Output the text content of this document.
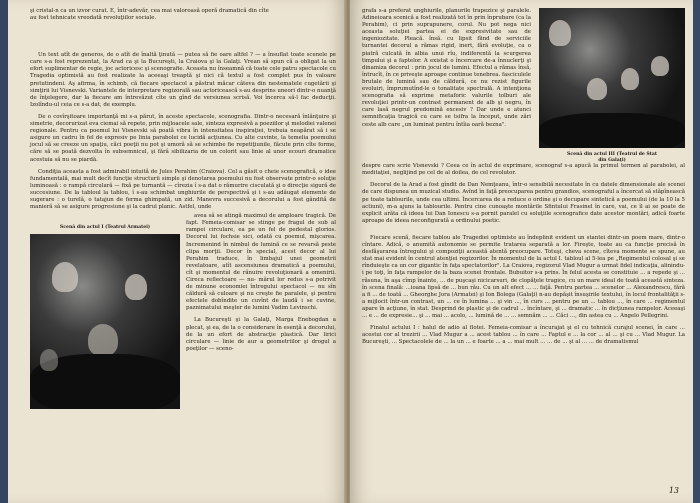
şi cristal-n ca un izvor curat. E, într-adevăr, cea mai valoroasă operă dramatică din cîte

au fost tehnicate vreodată revoluţiilor sociale.

Un text atît de generos, de o atît de înaltă ţinută — putea să fie oare altfel ? — a însuflat toate scenele pe care s-a fost reprezentat, la Arad ca şi la Bucureşti, la Craiova şi la Galaţi. Vrean să spun că a obligat la un efort suplimentar de regie, joc actoricesc şi scenografie. Aceasta nu înseamnă că toate cele patru spectacole cu Tragedia optimistă au fost realizate la aceeaşi treaptă şi nici că textul a fost complet pus în valoare pretutindeni. Aş afirma, în schimb, că fiecare spectacol a păstrat măcar câteva din nestematele cugetării şi simţirii lui Visnevski. Variantele de interpretare regizorală sau actoricească s-au desprins uneori dintr-o nuanţă de înţelegere, dar la fiecare am întrevăzut cîte un gînd de versiunea scrisă. Voi încerca să-l fac deducţii. Izolîndu-ul ceia ce s-a dat, de exemplu.

De o covîrşitoare importanţă mi s-a părut, în aceste spectacole, scenografia. Dintr-o necesară înlănţuire şi simetrie, decorurizat eva ciemai să repete, prin mijloacele sale, sinteza expresivă a poeziilor şi melodiei valenei regionale. Pentru ca poemul lui Visnevski să poată vibra în intensitatea inspiraţiei, trebuia neapărat să i se asigure un cadru în fel de expresiv pe linia parabolei ce lucidă acţiunea. Cu alte cuvinte, la temelia poemului jocul să se creeze un spaţiu, căci poeţii nu pot şi umoră să se schimbe fie repetiţiunile, făcute prin cîte forme, căre să se poată dezvolta în subsemnicul, şi fărâ sibilizaria de un colorit sau linie al unor ecouri dramatice acestuia să nu se piardă.

Condiţia aceasta a fost admirabil intuită de Jules Perahim (Craiova). Cel a găsit o cheie scenografică, o idee fundamentală, mai mult decît funcţie structurii simple şi denotarea poemului nu fost observate printr-o soluţie luminoasă : o rampă circulară — fixă pe turnantă — cîrezia î s-a dat o rămurire cisculată şi o direcţie sigură de succesiune. De la tabloul la tablou, î s-au schimbat unghiurile de perspectivă şi i s-au adăugat elemente de sugerare : o turelă, o tatajun de ferma ghimpată, un zid. Manevra succesivă a decorului a fost gândită de manieră să se asigure progresiune şi la cadrul planic. Astfel, unde

Scenă din actul I (Teatrul Armatei)

avea să se atingă maximul de amploare tragică. De fapt. Femeia-comisar se stinge pe fragul de sub al rampei circulare, ea pe un fel de pedestal glorios. Decorul lui fochsie sici, odată cu poemul, mişcarea. Incremenind în nimbul de lumină ce se revarsă peste clipa morţii. Decor în special, acest decor al lui Perahim traduce, în limbajul unei geometrii revelatoare, atît ascensiunea dramatică a poemului, cît şi momentul de rănuire revoluţionară a omenirii. Cireca reflectoare — nu- mărul lor redus s-a potrivit de minune economiei întregului spectacol — nu sîn căldură să culoare şi nu creşte fie paralele, şi pentru efectele dobîndite un cuvînt de laudă i se cuvine, paznimatului meşter de lumini Vadim Levinschi.

La Bucureşti şi la Galaţi, Marga Enebogdan a plecat, şi ea, de la o considerare în esenţă a decorului, de la un efort de abstracţie plastică. Dar lirici circulare — linie de aur a geometriilor şi drogul a poeţilor — sceno-

grafa s-a preferat unghiurile, planurile trapezice şi paralele. Adineioara scenică a fost realizată tot în prin înprubare (ca la Perahim), ci prin suprapunere, corul. Nu pot nega nici aceasta soluţiei partea ei de expresivitate sau de ingeniozitate. Pleacă. însă. cu lipsit fîind de serviciile turnantei decorul a rămas rigid, inert, fără evoluţie, ca o piatră culcată în albia unui rîu, indiferentă la scurgerea timpului şi a faptelor. A existat o încercare de-a înnuclerţi şi dinamiza decorul : prin jocul de lumini. Efectul a rămas însă, întrucît, în ce priveşte aproape continue tenebrea. fasciculele brutale de lumină sau de căldură, ce nu rezist figurile evoluiri, împrumutînd-le o tonalitate spectrală. A intenţiona scenografia să exprime metaforic valurile tolburi ale revoluţiei printr-un contrast permanent de alb şi negru, în care lasă negrul predomină excesiv ? Dar unde e atunci semnificaţia tragică cu care se tsifra la început, unde zări ceste alb care „un luminat pentru întîia oară bezna".

Scenă din actul III (Teatrul de Stat
din Galaţi)

despre care scrie Visnevski ? Ceea ce în actul de exprimare, scenograf s-a apucă la primul termen al parabolei, al meditaţiei, neglijind pe cel de al doilea, de cel revolutor.

Decorul de la Arad a fost gîndit de Dan Nemţeanu, într-o sensibilă necesitate în cu datele dimensionale ale scenei de care dispunea un muzical studio. Avînd în faţă preocuparea pentru grandios, scenograful a încercat să stăpînească pe toate tablourile, unde cea ultimi. Încercarea de a reduce o ordine şi o decupare sintetică a poemului (de la 10 la 5 actiuni), m-a ajuns la tablourile. Pentru cine cunoaşte montările Sfintului Frasinel în care, vai, ce îl ai se poate de explicit arăta că ideea lui Dan Ionescu s-a pornit paralel cu soluţiile scenografice date acestor montări, adică foarte aproape de ideea neconfigurată a ordinului poetic.

Fiecare scenă, fiecare tablou ale Tragediei optimiste au îndeplinit evident un stantei dintr-un poem mare, dintr-o cîntare. Adică, o anumită autonomie se permite tratarea separată a lor. Fireşte, toate au ca funcţie precisă în desfăşurarea întregului şi compoziţii această atentă preocupare. Totuşi, cheva scene, cîteva momente se spune, au stat mai evident în centrul atenţiei regizorilor. În momentul de la actul I. tabloul al 5-lea pe „Regimentul colosal şi se rînduieşte ca un cor gigantic în faţa spectatorilor". La Craiova, regizorul Vlad Mugur a urmat fidel indicaţia, alinindu-i pe toţi, în faţa rampelor de la baza scenei frontale. Bubuitor s-a prins. În felul acesta se constituie ... a repede şi ... răsuna, în aşa cîmp înainte, ... de puşcaşi nicicarsuri, de clopăţele tragice, cu un mare ideal de toată această sinteza. în scena finală: ...ioana lipsă de ... bun rău. Cu un alt efect ... ... faţă. Pentru partea ... scenelor ... Alexandrescu, fără a fi ... de toată ... Gheorghe Jora (Armatei) şi Ion Bolega (Galaţi) n-au depăşit însuşirile textului, în locul frontalităţii s-a mijlocit într-un contrast, un ... ce în lumina ... şi vin ..., în curs ... pentru pe un ... tablou ..., în care ... regimentul apare în acţiune, în stat. Desprind de plastic şi de cadrul ... încîntare, şi ... dramatic ... în dicţiunea rampelor. Aceeaşi ... e ... de expresie... şi ... mai ... acolo, ... lumină de ... ... semnăm ... ... Căci ..., din astea cu ... Angelo Pellegrini.

Finalul actului I : halul de adio al flotei. Femeia-comisar a încurajat şi el cu tehnică curajul scenei, în care ... acestui cor al trezirii ... Vlad Mugur a ... acest tablou ... în care ... Faptul e ... la cor ... al ... şi cu ... Vlad Mugur. La Bucureşti, ... Spectacolele de ... la un ... e foarte ... a ... mai mult ... ... de ... şi al ... ... de dramatismul

13
